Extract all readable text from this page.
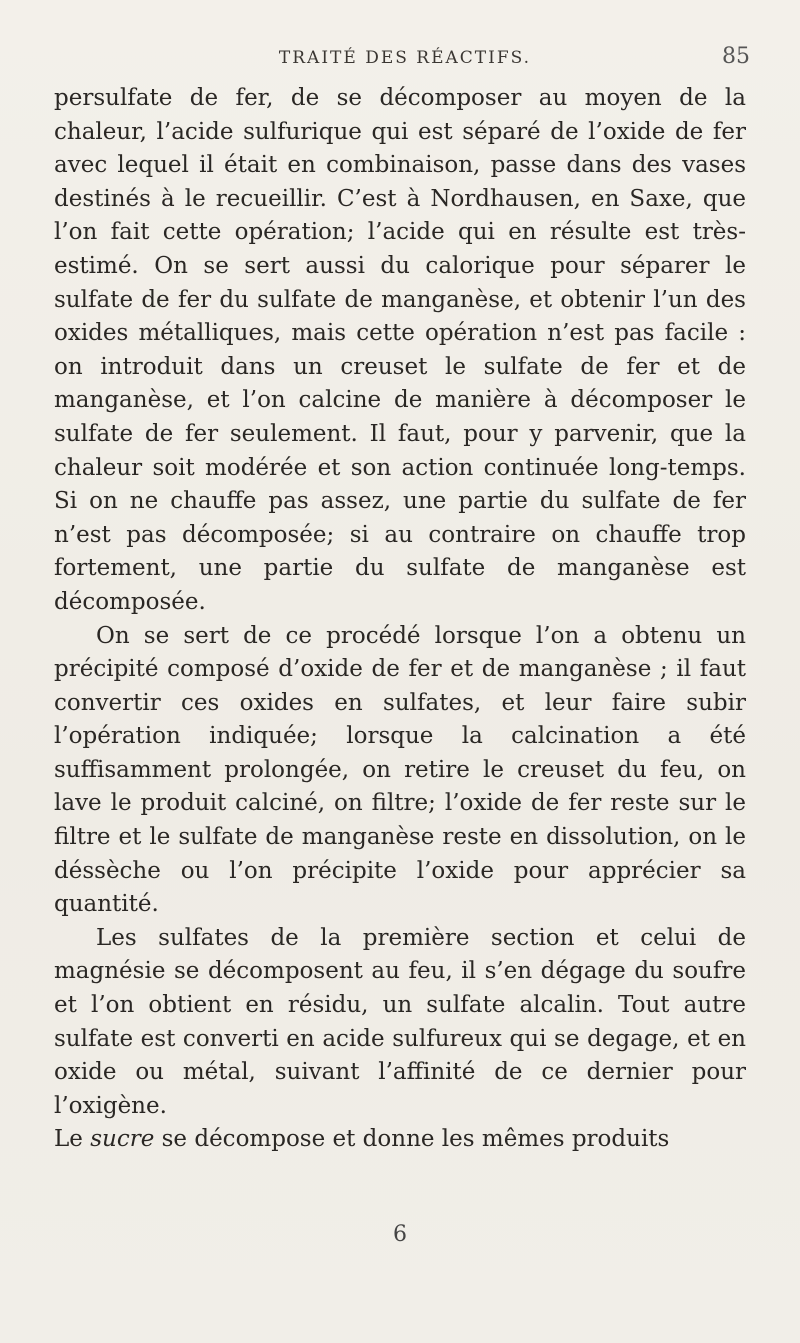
TRAITÉ DES RÉACTIFS.	85

persulfate de fer, de se décomposer au moyen de la chaleur, l’acide sulfurique qui est séparé de l’oxide de fer avec lequel il était en combinaison, passe dans des vases destinés à le recueillir. C’est à Nordhausen, en Saxe, que l’on fait cette opération; l’acide qui en résulte est très-estimé. On se sert aussi du calorique pour séparer le sulfate de fer du sulfate de manganèse, et obtenir l’un des oxides métalliques, mais cette opération n’est pas facile : on introduit dans un creuset le sulfate de fer et de manganèse, et l’on calcine de manière à décomposer le sulfate de fer seulement. Il faut, pour y parvenir, que la chaleur soit modérée et son action continuée long-temps. Si on ne chauffe pas assez, une partie du sulfate de fer n’est pas décomposée; si au contraire on chauffe trop fortement, une partie du sulfate de manganèse est décomposée.

On se sert de ce procédé lorsque l’on a obtenu un précipité composé d’oxide de fer et de manganèse ; il faut convertir ces oxides en sulfates, et leur faire subir l’opération indiquée; lorsque la calcination a été suffisamment prolongée, on retire le creuset du feu, on lave le produit calciné, on filtre; l’oxide de fer reste sur le filtre et le sulfate de manganèse reste en dissolution, on le déssèche ou l’on précipite l’oxide pour apprécier sa quantité.

Les sulfates de la première section et celui de magnésie se décomposent au feu, il s’en dégage du soufre et l’on obtient en résidu, un sulfate alcalin. Tout autre sulfate est converti en acide sulfureux qui se degage, et en oxide ou métal, suivant l’affinité de ce dernier pour l’oxigène.

Le sucre se décompose et donne les mêmes produits

6
